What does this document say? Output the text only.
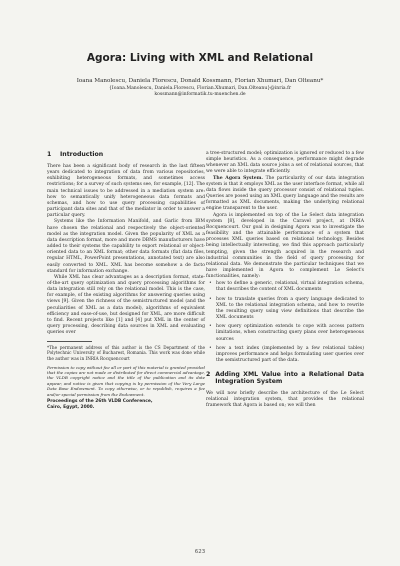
Agora: Living with XML and Relational
Ioana Manolescu, Daniela Florescu, Donald Kossmann, Florian Xhumari, Dan Olteanu*
{Ioana.Manolescu, Daniela.Florescu, Florian.Xhumari, Dan.Olteanu}@inria.fr
kossmann@informatik.tu-muenchen.de
1	Introduction

There has been a significant body of research in the last fifteen years dedicated to integration of data from various repositories, exhibiting heterogeneous formats, and sometimes access restrictions; for a survey of such systems see, for example, [12]. The main technical issues to be addressed in a mediation system are: how to semantically unify heterogeneous data formats and schemas, and how to use query processing capabilities of participant data sites and that of the mediator in order to answer a particular query.

Systems like the Information Manifold, and Garlic from IBM have chosen the relational and respectively the object-oriented model as the integration model. Given the popularity of XML as a data description format, more and more DBMS manufacturers have added to their systems the capability to export relational or object-oriented data to an XML format; other data formats (flat data files, regular HTML, PowerPoint presentations, annotated text) are also easily converted to XML. XML has become somehow a de facto standard for information exchange.

While XML has clear advantages as a description format, state-of-the-art query optimization and query processing algorithms for data integration still rely on the relational model. This is the case, for example, of the existing algorithms for answering queries using views [9]. Given the richness of the semistructured model (and the peculiarities of XML as a data model), algorithms of equivalent efficiency and ease-of-use, but designed for XML, are more difficult to find. Recent projects like [1] and [4] put XML in the center of query processing, describing data sources in XML and evaluating queries over

*The permanent address of this author is the CS Department of the Polytechnic University of Bucharest, Romania. This work was done while the author was in INRIA Rocquencourt

Permission to copy without fee all or part of this material is granted provided that the copies are not made or distributed for direct commercial advantage, the VLDB copyright notice and the title of the publication and its date appear, and notice is given that copying is by permission of the Very Large Data Base Endowment. To copy otherwise, or to republish, requires a fee and/or special permission from the Endowment.

Proceedings of the 26th VLDB Conference,
Cairo, Egypt, 2000.

a tree-structured model; optimization is ignored or reduced to a few simple heuristics. As a consequence, performance might degrade whenever an XML data source joins a set of relational sources, that we were able to integrate efficiently.

The Agora System. The particularity of our data integration system is that it employs XML as the user interface format, while all data flows inside the query processor consist of relational tuples. Queries are posed using an XML query language and the results are formatted as XML documents, making the underlying relational engine transparent to the user.

Agora is implemented on top of the Le Select data integration system [8], developed in the Caravel project, at INRIA Rocquencourt. Our goal in designing Agora was to investigate the feasibility and the attainable performance of a system that processes XML queries based on relational technology. Besides being intellectually interesting, we find this approach particularly tempting, given the strength acquired in the research and industrial communities in the field of query processing for relational data. We demonstrate the particular techniques that we have implemented in Agora to complement Le Select's functionalities, namely:

• how to define a generic, relational, virtual integration schema, that describes the content of XML documents
• how to translate queries from a query language dedicated to XML to the relational integration schema, and how to rewrite the resulting query using view definitions that describe the XML documents
• how query optimization extends to cope with access pattern limitations, when constructing query plans over heterogeneous sources
• how a text index (implemented by a few relational tables) improves performance and helps formulating user queries over the semistructured part of the data.
2 Adding XML Value into a Relational Data Integration System

We will now briefly describe the architecture of the Le Select relational integration system, that provides the relational framework that Agora is based on; we will then

623
